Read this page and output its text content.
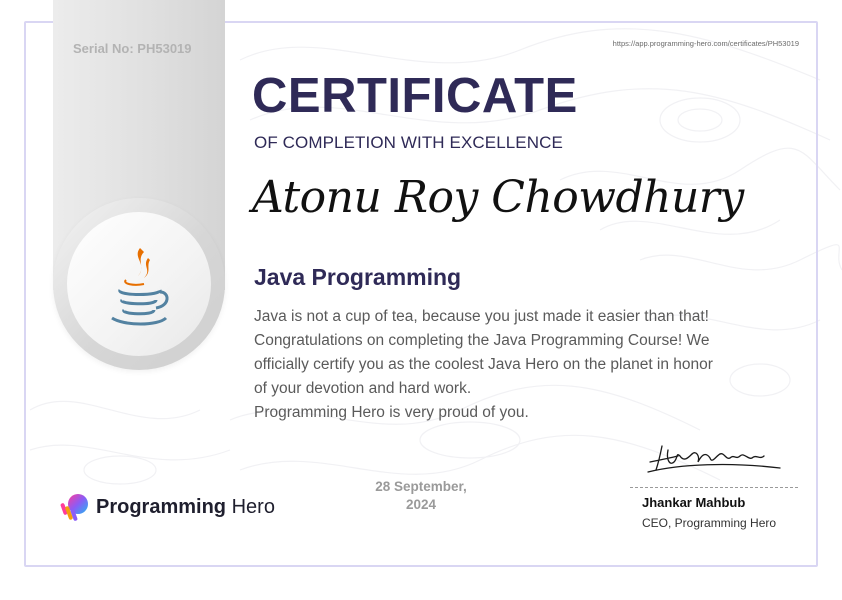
Serial No: PH53019	https://app.programming-hero.com/certificates/PH53019
CERTIFICATE
OF COMPLETION WITH EXCELLENCE
Atonu Roy Chowdhury
Java Programming

Java is not a cup of tea, because you just made it easier than that!

Congratulations on completing the Java Programming Course! We

officially certify you as the coolest Java Hero on the planet in honor

of your devotion and hard work.

Programming Hero is very proud of you.

Programming Hero
28 September,
2024	Jhankar Mahbub
CEO, Programming Hero
